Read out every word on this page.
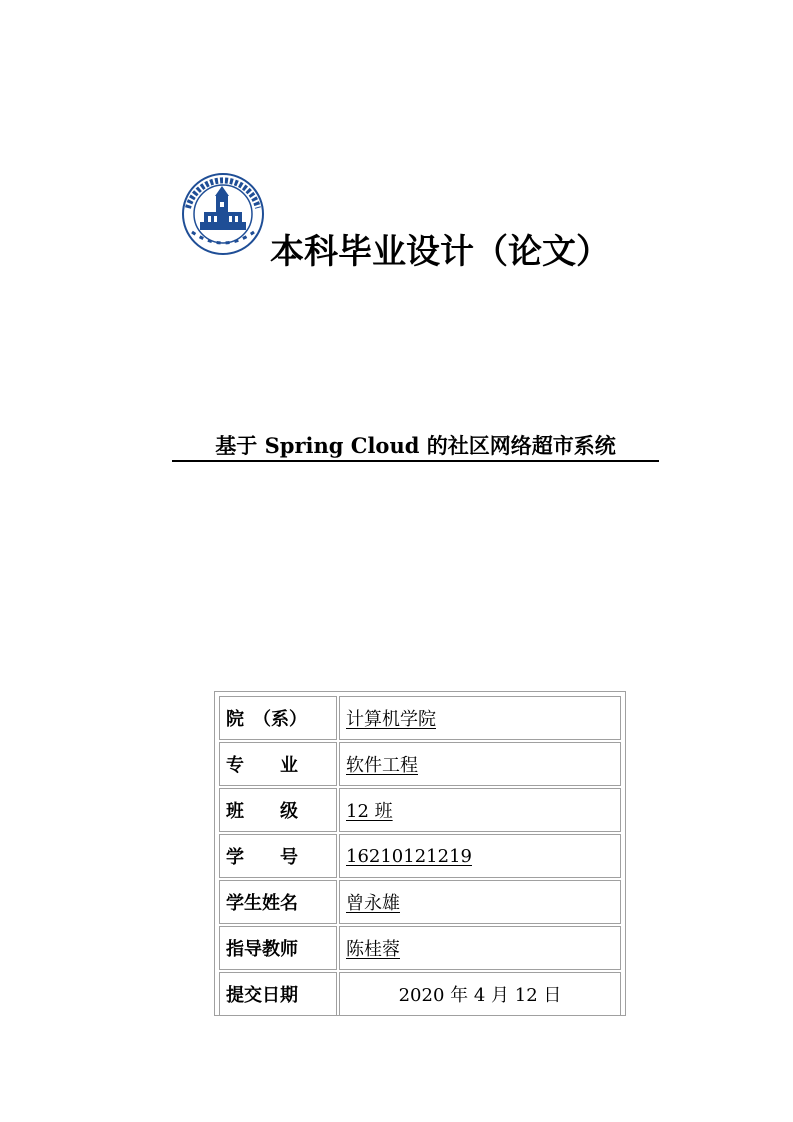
本科毕业设计（论文）
基于 Spring Cloud 的社区网络超市系统
院　（系）	计算机学院
专　　业	软件工程
班　　级	12 班
学　　号	16210121219
学生姓名	曾永雄
指导教师	陈桂蓉
提交日期	2020 年 4 月 12 日
